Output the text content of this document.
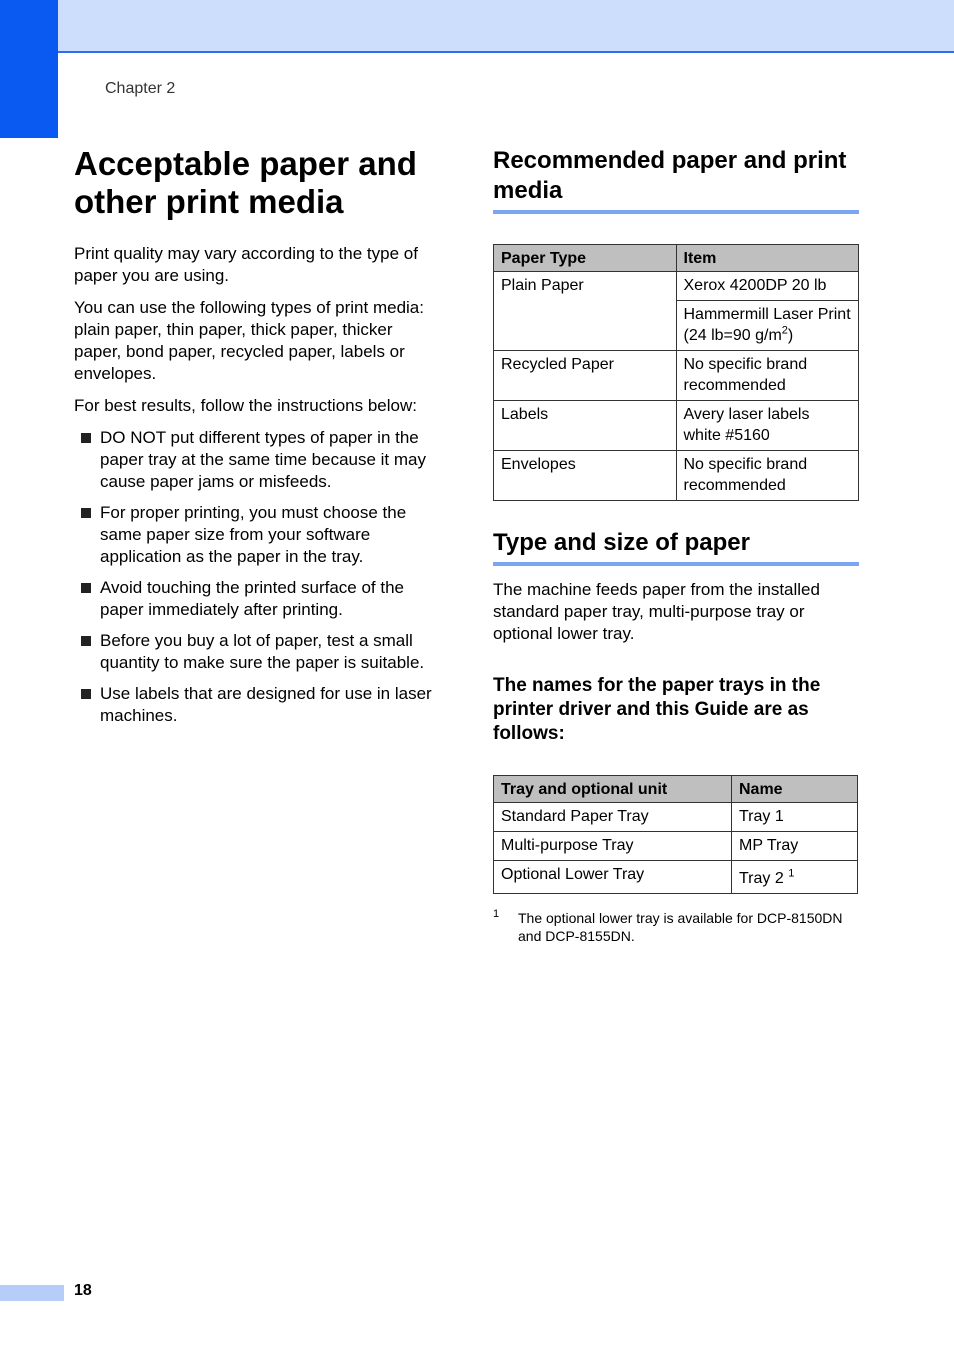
Chapter 2
Acceptable paper and other print media

Print quality may vary according to the type of paper you are using.

You can use the following types of print media: plain paper, thin paper, thick paper, thicker paper, bond paper, recycled paper, labels or envelopes.

For best results, follow the instructions below:

DO NOT put different types of paper in the paper tray at the same time because it may cause paper jams or misfeeds.
For proper printing, you must choose the same paper size from your software application as the paper in the tray.
Avoid touching the printed surface of the paper immediately after printing.
Before you buy a lot of paper, test a small quantity to make sure the paper is suitable.
Use labels that are designed for use in laser machines.
Recommended paper and print media
Paper Type	Item
Plain Paper	Xerox 4200DP 20 lb
	Hammermill Laser Print
(24 lb=90 $g/m^2$)
Recycled Paper	No specific brand recommended
Labels	Avery laser labels white #5160
Envelopes	No specific brand recommended
Type and size of paper

The machine feeds paper from the installed standard paper tray, multi-purpose tray or optional lower tray.

The names for the paper trays in the printer driver and this Guide are as follows:
Tray and optional unit	Name
Standard Paper Tray	Tray 1
Multi-purpose Tray	MP Tray
Optional Lower Tray	Tray 2 $^1$
1 The optional lower tray is available for DCP-8150DN and DCP-8155DN.
18
